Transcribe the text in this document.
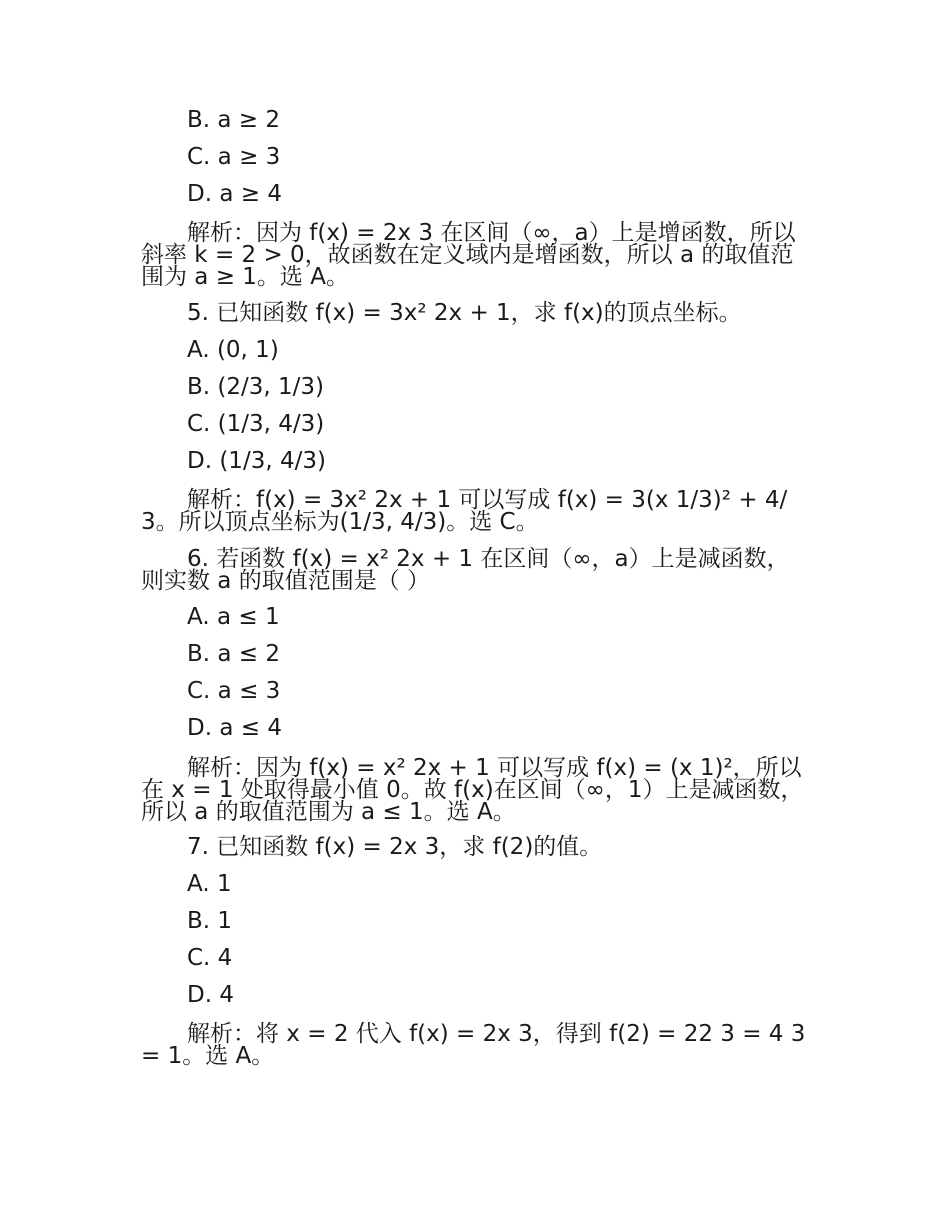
B. a ≥ 2
C. a ≥ 3
D. a ≥ 4
解析：因为 f(x) = 2x 3 在区间（∞，a）上是增函数，所以斜率 k = 2 > 0，故函数在定义域内是增函数，所以 a 的取值范围为 a ≥ 1。选 A。
5. 已知函数 f(x) = 3x² 2x + 1，求 f(x)的顶点坐标。
A. (0, 1)
B. (2/3, 1/3)
C. (1/3, 4/3)
D. (1/3, 4/3)
解析：f(x) = 3x² 2x + 1 可以写成 f(x) = 3(x 1/3)² + 4/3。所以顶点坐标为(1/3, 4/3)。选 C。
6. 若函数 f(x) = x² 2x + 1 在区间（∞，a）上是减函数，则实数 a 的取值范围是（ ）
A. a ≤ 1
B. a ≤ 2
C. a ≤ 3
D. a ≤ 4
解析：因为 f(x) = x² 2x + 1 可以写成 f(x) = (x 1)²，所以在 x = 1 处取得最小值 0。故 f(x)在区间（∞，1）上是减函数，所以 a 的取值范围为 a ≤ 1。选 A。
7. 已知函数 f(x) = 2x 3，求 f(2)的值。
A. 1
B. 1
C. 4
D. 4
解析：将 x = 2 代入 f(x) = 2x 3，得到 f(2) = 22 3 = 4 3 = 1。选 A。
